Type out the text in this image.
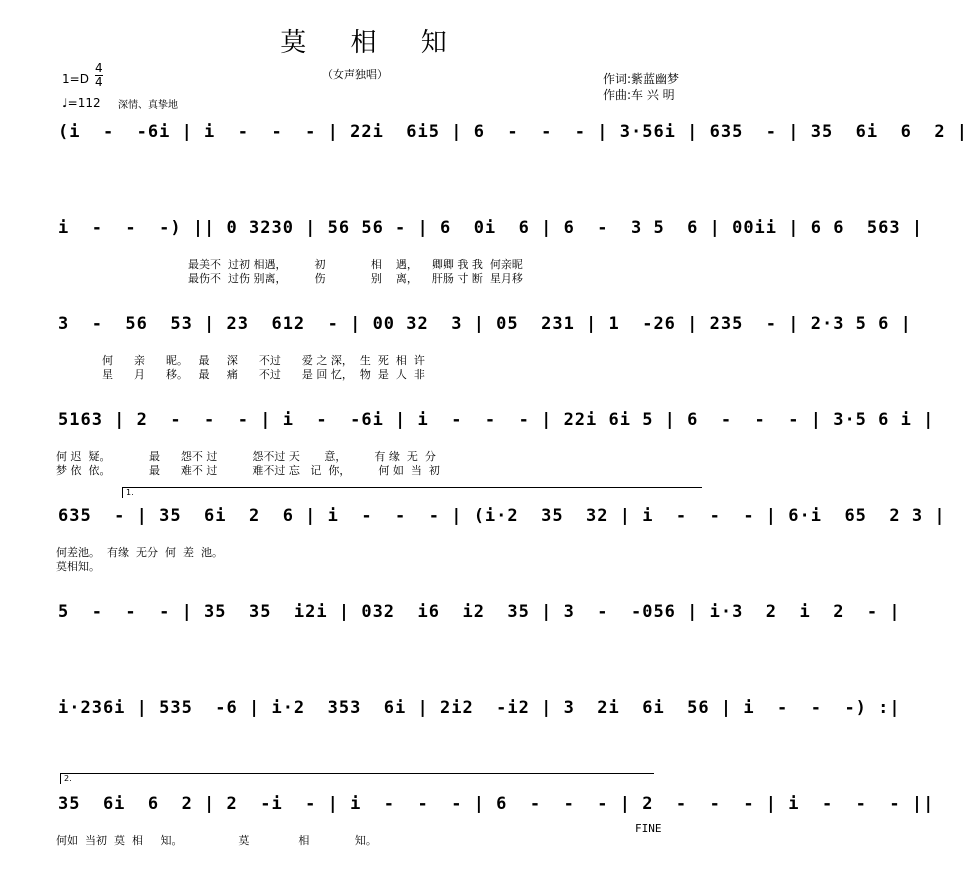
莫 相 知
（女声独唱）	作词:紫蓝幽梦
作曲:车 兴 明
$1=D \frac{4}{4}$
♩=112 深情、真挚地
(i  -  -6i | i  -  -  - | 22i  6i5 | 6  -  -  - | 3·56i | 635  - | 35  6i  6  2 |
i  -  -  -) || 0 3230 | 56 56 - | 6  0i  6 | 6  -  3 5  6 | 00ii | 6 6  563 |
最美不  过初 相遇，        初             相    遇，    卿卿 我 我  何亲昵
最伤不  过伤 别离，        伤             别    离，    肝肠 寸 断  星月移
3  -  56  53 | 23  612  - | 00 32  3 | 05  231 | 1  -26 | 235  - | 2·3 5 6 |
何      亲      昵。   最     深      不过      爱 之 深，  生  死  相  许
星      月      移。   最     痛      不过      是 回 忆，  物  是  人  非
5163 | 2  -  -  - | i  -  -6i | i  -  -  - | 22i 6i 5 | 6  -  -  - | 3·5 6 i |
何 迟  疑。           最      怨不 过          怨不过 天       意，        有 缘  无  分
梦 依  依。           最      难不 过          难不过 忘   记  你，        何 如  当  初
1.
635  - | 35  6i  2  6 | i  -  -  - | (i·2  35  32 | i  -  -  - | 6·i  65  2 3 |
何差池。  有缘  无分  何  差  池。
莫相知。
5  -  -  - | 35  35  i2i | 032  i6  i2  35 | 3  -  -056 | i·3  2  i  2  - |
i·236i | 535  -6 | i·2  353  6i | 2i2  -i2 | 3  2i  6i  56 | i  -  -  -) :|
2.
35  6i  6  2 | 2  -i  - | i  -  -  - | 6  -  -  - | 2  -  -  - | i  -  -  - ||
何如  当初  莫  相     知。                莫              相             知。
FINE
